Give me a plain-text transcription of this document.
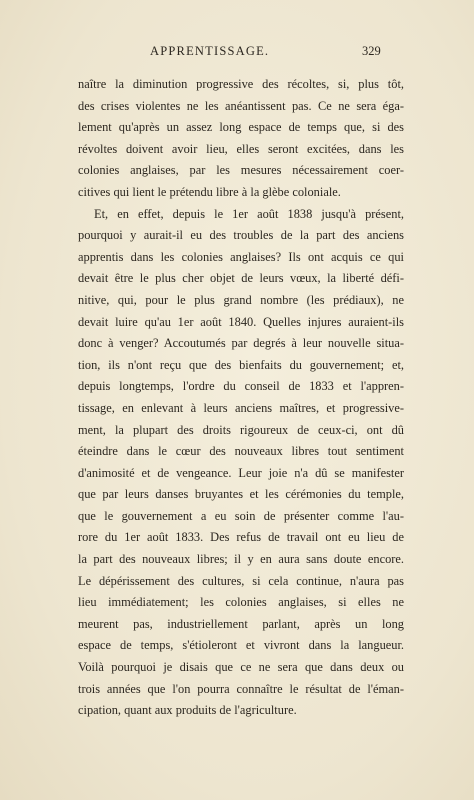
APPRENTISSAGE.	329
naître la diminution progressive des récoltes, si, plus tôt,
des crises violentes ne les anéantissent pas. Ce ne sera éga-
lement qu'après un assez long espace de temps que, si des
révoltes doivent avoir lieu, elles seront excitées, dans les
colonies anglaises, par les mesures nécessairement coer-
citives qui lient le prétendu libre à la glèbe coloniale.
Et, en effet, depuis le 1er août 1838 jusqu'à présent,
pourquoi y aurait-il eu des troubles de la part des anciens
apprentis dans les colonies anglaises? Ils ont acquis ce qui
devait être le plus cher objet de leurs vœux, la liberté défi-
nitive, qui, pour le plus grand nombre (les prédiaux), ne
devait luire qu'au 1er août 1840. Quelles injures auraient-ils
donc à venger? Accoutumés par degrés à leur nouvelle situa-
tion, ils n'ont reçu que des bienfaits du gouvernement; et,
depuis longtemps, l'ordre du conseil de 1833 et l'appren-
tissage, en enlevant à leurs anciens maîtres, et progressive-
ment, la plupart des droits rigoureux de ceux-ci, ont dû
éteindre dans le cœur des nouveaux libres tout sentiment
d'animosité et de vengeance. Leur joie n'a dû se manifester
que par leurs danses bruyantes et les cérémonies du temple,
que le gouvernement a eu soin de présenter comme l'au-
rore du 1er août 1833. Des refus de travail ont eu lieu de
la part des nouveaux libres; il y en aura sans doute encore.
Le dépérissement des cultures, si cela continue, n'aura pas
lieu immédiatement; les colonies anglaises, si elles ne
meurent pas, industriellement parlant, après un long
espace de temps, s'étioleront et vivront dans la langueur.
Voilà pourquoi je disais que ce ne sera que dans deux ou
trois années que l'on pourra connaître le résultat de l'éman-
cipation, quant aux produits de l'agriculture.
